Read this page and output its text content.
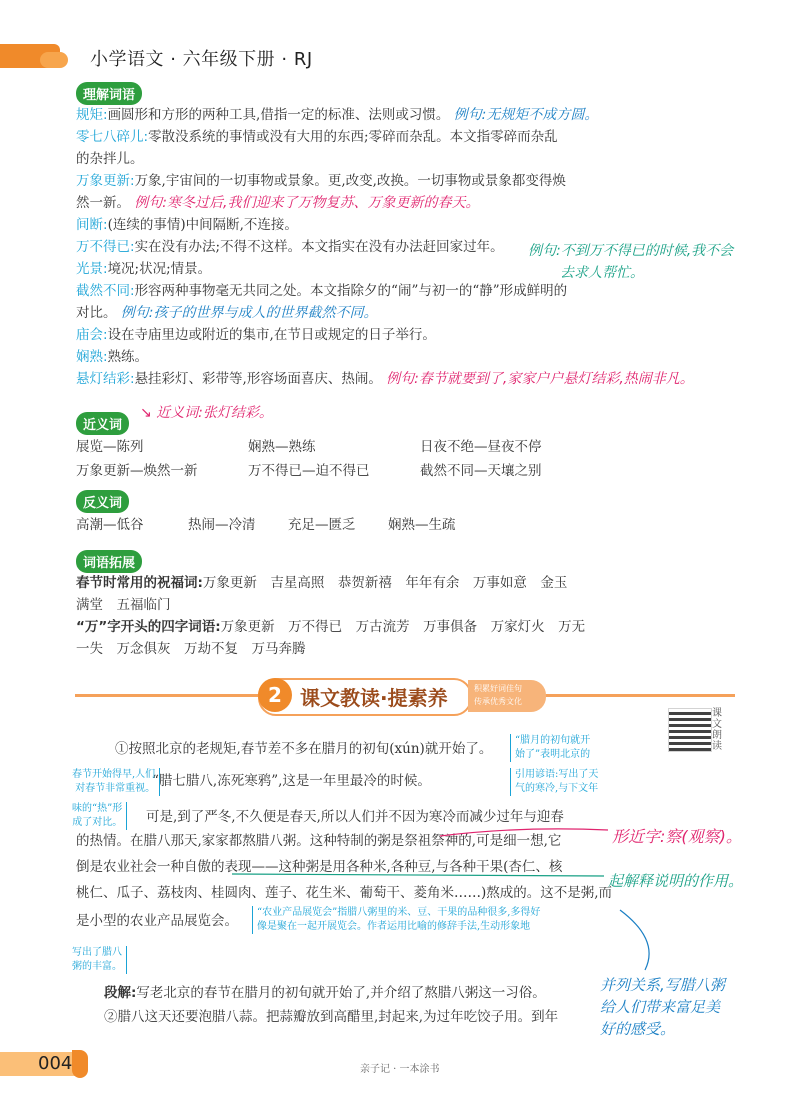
小学语文 · 六年级下册 · RJ
理解词语
规矩:画圆形和方形的两种工具,借指一定的标准、法则或习惯。 例句:无规矩不成方圆。
零七八碎儿:零散没系统的事情或没有大用的东西;零碎而杂乱。本文指零碎而杂乱
的杂拌儿。
万象更新:万象,宇宙间的一切事物或景象。更,改变,改换。一切事物或景象都变得焕
然一新。 例句:寒冬过后,我们迎来了万物复苏、万象更新的春天。
间断:(连续的事情)中间隔断,不连接。
万不得已:实在没有办法;不得不这样。本文指实在没有办法赶回家过年。
光景:境况;状况;情景。
截然不同:形容两种事物毫无共同之处。本文指除夕的“闹”与初一的“静”形成鲜明的
对比。 例句:孩子的世界与成人的世界截然不同。
庙会:设在寺庙里边或附近的集市,在节日或规定的日子举行。
娴熟:熟练。
悬灯结彩:悬挂彩灯、彩带等,形容场面喜庆、热闹。 例句:春节就要到了,家家户户悬灯结彩,热闹非凡。
例句:不到万不得已的时候,我不会
去求人帮忙。
近义词
↘ 近义词:张灯结彩。
展览—陈列	娴熟—熟练	日夜不绝—昼夜不停
万象更新—焕然一新	万不得已—迫不得已	截然不同—天壤之别
反义词
高潮—低谷	热闹—冷清	充足—匮乏	娴熟—生疏
词语拓展
春节时常用的祝福词:万象更新　吉星高照　恭贺新禧　年年有余　万事如意　金玉
满堂　五福临门
“万”字开头的四字词语:万象更新　万不得已　万古流芳　万事俱备　万家灯火　万无
一失　万念俱灰　万劫不复　万马奔腾
2 课文教读·提素养	积累好词佳句
传承优秀文化
课文朗读
①按照北京的老规矩,春节差不多在腊月的初旬(xún)就开始了。
“腊七腊八,冻死寒鸦”,这是一年里最冷的时候。
可是,到了严冬,不久便是春天,所以人们并不因为寒冷而减少过年与迎春
的热情。在腊八那天,家家都熬腊八粥。这种特制的粥是祭祖祭神的,可是细一想,它
倒是农业社会一种自傲的表现——这种粥是用各种米,各种豆,与各种干果(杏仁、核
桃仁、瓜子、荔枝肉、桂圆肉、莲子、花生米、葡萄干、菱角米……)熬成的。这不是粥,而
是小型的农业产品展览会。
“腊月的初旬就开
始了”表明北京的
春节开始得早,人们
对春节非常重视。
引用谚语:写出了天
气的寒冷,与下文年
味的“热”形
成了对比。
“农业产品展览会”指腊八粥里的米、豆、干果的品种很多,多得好
像是聚在一起开展览会。作者运用比喻的修辞手法,生动形象地
写出了腊八
粥的丰富。
段解:写老北京的春节在腊月的初旬就开始了,并介绍了熬腊八粥这一习俗。
②腊八这天还要泡腊八蒜。把蒜瓣放到高醋里,封起来,为过年吃饺子用。到年
形近字:察(观察)。
起解释说明的作用。
并列关系,写腊八粥
给人们带来富足美
好的感受。
004	亲子记 · 一本涂书
